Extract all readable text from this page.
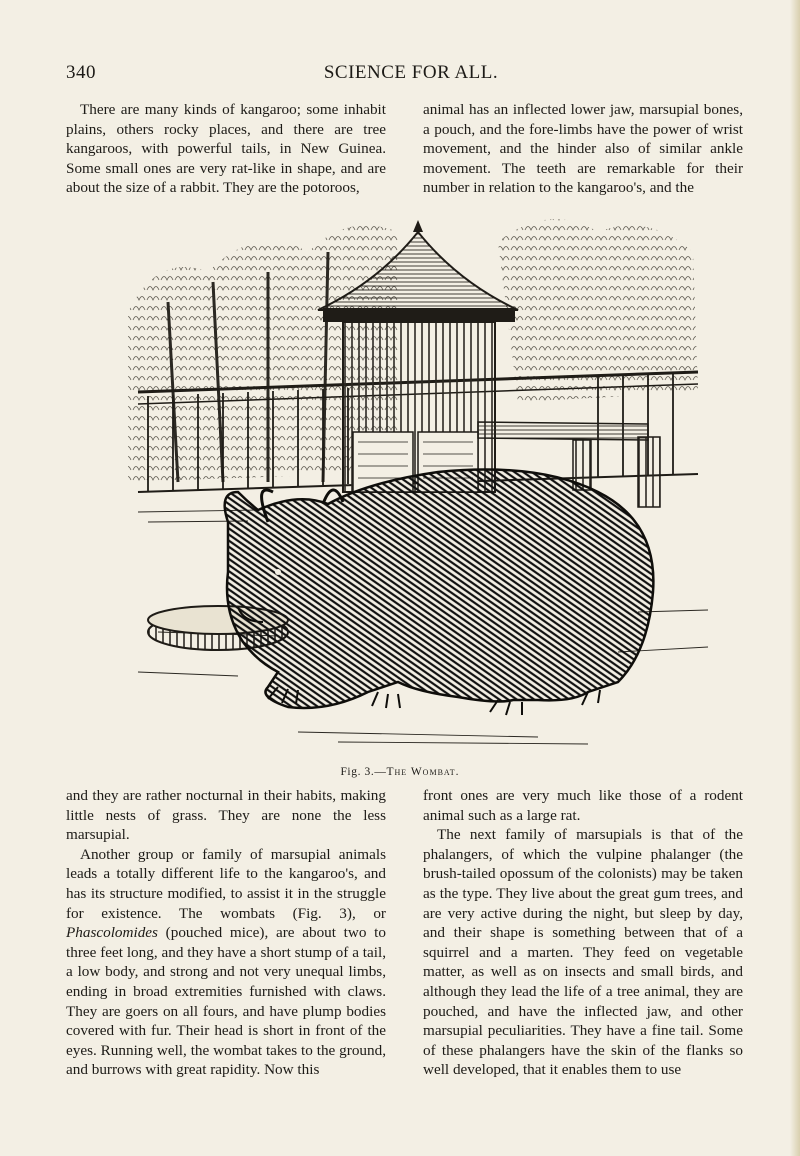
340	SCIENCE FOR ALL.

There are many kinds of kangaroo; some inhabit plains, others rocky places, and there are tree kangaroos, with powerful tails, in New Guinea. Some small ones are very rat-like in shape, and are about the size of a rabbit. They are the potoroos,

animal has an inflected lower jaw, marsupial bones, a pouch, and the fore-limbs have the power of wrist movement, and the hinder also of similar ankle movement. The teeth are remarkable for their number in relation to the kangaroo's, and the

Fig. 3.—The Wombat.

and they are rather nocturnal in their habits, making little nests of grass. They are none the less marsupial.

Another group or family of marsupial animals leads a totally different life to the kangaroo's, and has its structure modified, to assist it in the struggle for existence. The wombats (Fig. 3), or Phascolomides (pouched mice), are about two to three feet long, and they have a short stump of a tail, a low body, and strong and not very unequal limbs, ending in broad extremities furnished with claws. They are goers on all fours, and have plump bodies covered with fur. Their head is short in front of the eyes. Running well, the wombat takes to the ground, and burrows with great rapidity. Now this

front ones are very much like those of a rodent animal such as a large rat.

The next family of marsupials is that of the phalangers, of which the vulpine phalanger (the brush-tailed opossum of the colonists) may be taken as the type. They live about the great gum trees, and are very active during the night, but sleep by day, and their shape is something between that of a squirrel and a marten. They feed on vegetable matter, as well as on insects and small birds, and although they lead the life of a tree animal, they are pouched, and have the inflected jaw, and other marsupial peculiarities. They have a fine tail. Some of these phalangers have the skin of the flanks so well developed, that it enables them to use
